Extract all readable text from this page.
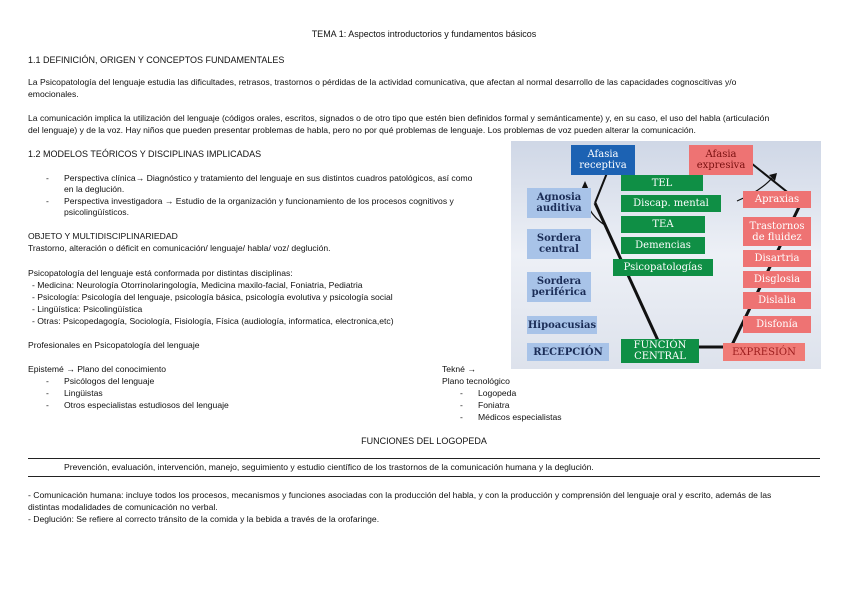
TEMA 1: Aspectos introductorios y fundamentos básicos
1.1 DEFINICIÓN, ORIGEN Y CONCEPTOS FUNDAMENTALES
La Psicopatología del lenguaje estudia las dificultades, retrasos, trastornos o pérdidas de la actividad comunicativa, que afectan al normal desarrollo de las capacidades cognoscitivas y/o
emocionales.
La comunicación implica la utilización del lenguaje (códigos orales, escritos, signados o de otro tipo que estén bien definidos formal y semánticamente) y, en su caso, el uso del habla (articulación
del lenguaje) y de la voz. Hay niños que pueden presentar problemas de habla, pero no por qué problemas de lenguaje. Los problemas de voz pueden alterar la comunicación.
1.2 MODELOS TEÓRICOS Y DISCIPLINAS IMPLICADAS
- Perspectiva clínica→ Diagnóstico y tratamiento del lenguaje en sus distintos cuadros patológicos, así como
en la deglución.
- Perspectiva investigadora → Estudio de la organización y funcionamiento de los procesos cognitivos y
psicolingüísticos.
OBJETO Y MULTIDISCIPLINARIEDAD
Trastorno, alteración o déficit en comunicación/ lenguaje/ habla/ voz/ deglución.
Psicopatología del lenguaje está conformada por distintas disciplinas:
- Medicina: Neurología Otorrinolaringología, Medicina maxilo-facial, Foniatria, Pediatria
- Psicología: Psicología del lenguaje, psicología básica, psicología evolutiva y psicología social
- Lingüística: Psicolingüística
- Otras: Psicopedagogía, Sociología, Fisiología, Física (audiología, informatica, electronica,etc)
Profesionales en Psicopatología del lenguaje
Epistemé → Plano del conocimiento
- Psicólogos del lenguaje
- Lingüistas
- Otros especialistas estudiosos del lenguaje
Tekné →
Plano tecnológico
- Logopeda
- Foniatra
- Médicos especialistas
FUNCIONES DEL LOGOPEDA
Prevención, evaluación, intervención, manejo, seguimiento y estudio científico de los trastornos de la comunicación humana y la deglución.
- Comunicación humana: incluye todos los procesos, mecanismos y funciones asociadas con la producción del habla, y con la producción y comprensión del lenguaje oral y escrito, además de las
distintas modalidades de comunicación no verbal.
- Deglución: Se refiere al correcto tránsito de la comida y la bebida a través de la orofaringe.
Afasia
receptiva
Afasia
expresiva
Agnosia
auditiva
Sordera
central
Sordera
periférica
Hipoacusias
RECEPCIÓN
TEL
Discap. mental
TEA
Demencias
Psicopatologías
FUNCIÓN
CENTRAL
Apraxias
Trastornos
de fluidez
Disartria
Disglosia
Dislalia
Disfonía
EXPRESIÓN
